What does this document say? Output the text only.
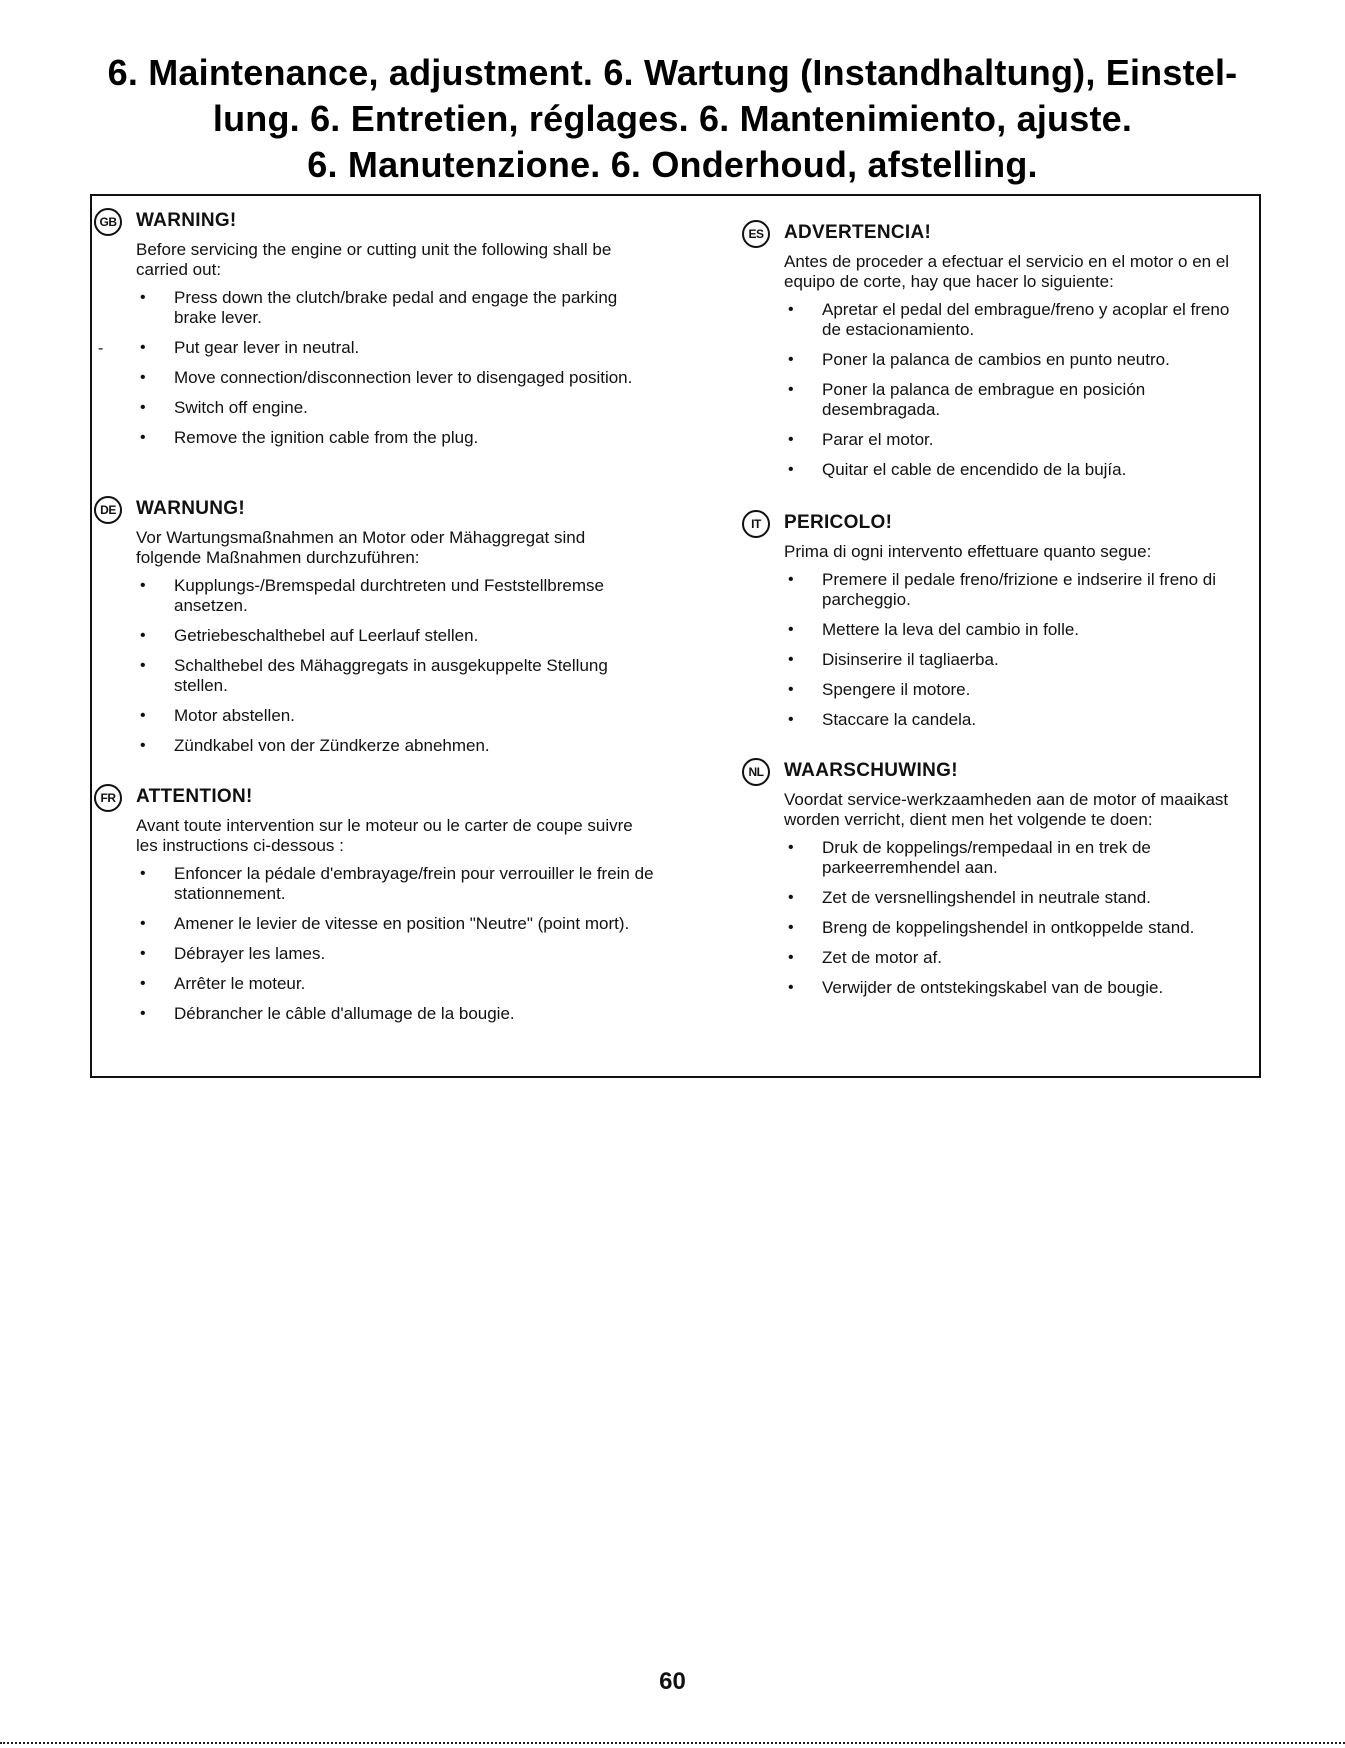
6. Maintenance, adjustment. 6. Wartung (Instandhaltung), Einstel-
lung. 6. Entretien, réglages. 6. Mantenimiento, ajuste.
6. Manutenzione. 6. Onderhoud, afstelling.
-
GB WARNING!

Before servicing the engine or cutting unit the following shall be carried out:

• Press down the clutch/brake pedal and engage the parking brake lever.
• Put gear lever in neutral.
• Move connection/disconnection lever to disengaged position.
• Switch off engine.
• Remove the ignition cable from the plug.
DE	WARNUNG!

Vor Wartungsmaßnahmen an Motor oder Mähaggregat sind folgende Maßnahmen durchzuführen:

• Kupplungs-/Bremspedal durchtreten und Feststellbremse ansetzen.
• Getriebeschalthebel auf Leerlauf stellen.
• Schalthebel des Mähaggregats in ausgekuppelte Stellung stellen.
• Motor abstellen.
• Zündkabel von der Zündkerze abnehmen.
FR	ATTENTION!

Avant toute intervention sur le moteur ou le carter de coupe suivre les instructions ci-dessous :

• Enfoncer la pédale d'embrayage/frein pour verrouiller le frein de stationnement.
• Amener le levier de vitesse en position "Neutre" (point mort).
• Débrayer les lames.
• Arrêter le moteur.
• Débrancher le câble d'allumage de la bougie.
ES	ADVERTENCIA!

Antes de proceder a efectuar el servicio en el motor o en el equipo de corte, hay que hacer lo siguiente:

• Apretar el pedal del embrague/freno y acoplar el freno de estacionamiento.
• Poner la palanca de cambios en punto neutro.
• Poner la palanca de embrague en posición desembragada.
• Parar el motor.
• Quitar el cable de encendido de la bujía.
IT	PERICOLO!

Prima di ogni intervento effettuare quanto segue:

• Premere il pedale freno/frizione e indserire il freno di parcheggio.
• Mettere la leva del cambio in folle.
• Disinserire il tagliaerba.
• Spengere il motore.
• Staccare la candela.
NL	WAARSCHUWING!

Voordat service-werkzaamheden aan de motor of maaikast worden verricht, dient men het volgende te doen:

• Druk de koppelings/rempedaal in en trek de parkeerremhendel aan.
• Zet de versnellingshendel in neutrale stand.
• Breng de koppelingshendel in ontkoppelde stand.
• Zet de motor af.
• Verwijder de ontstekingskabel van de bougie.
60
